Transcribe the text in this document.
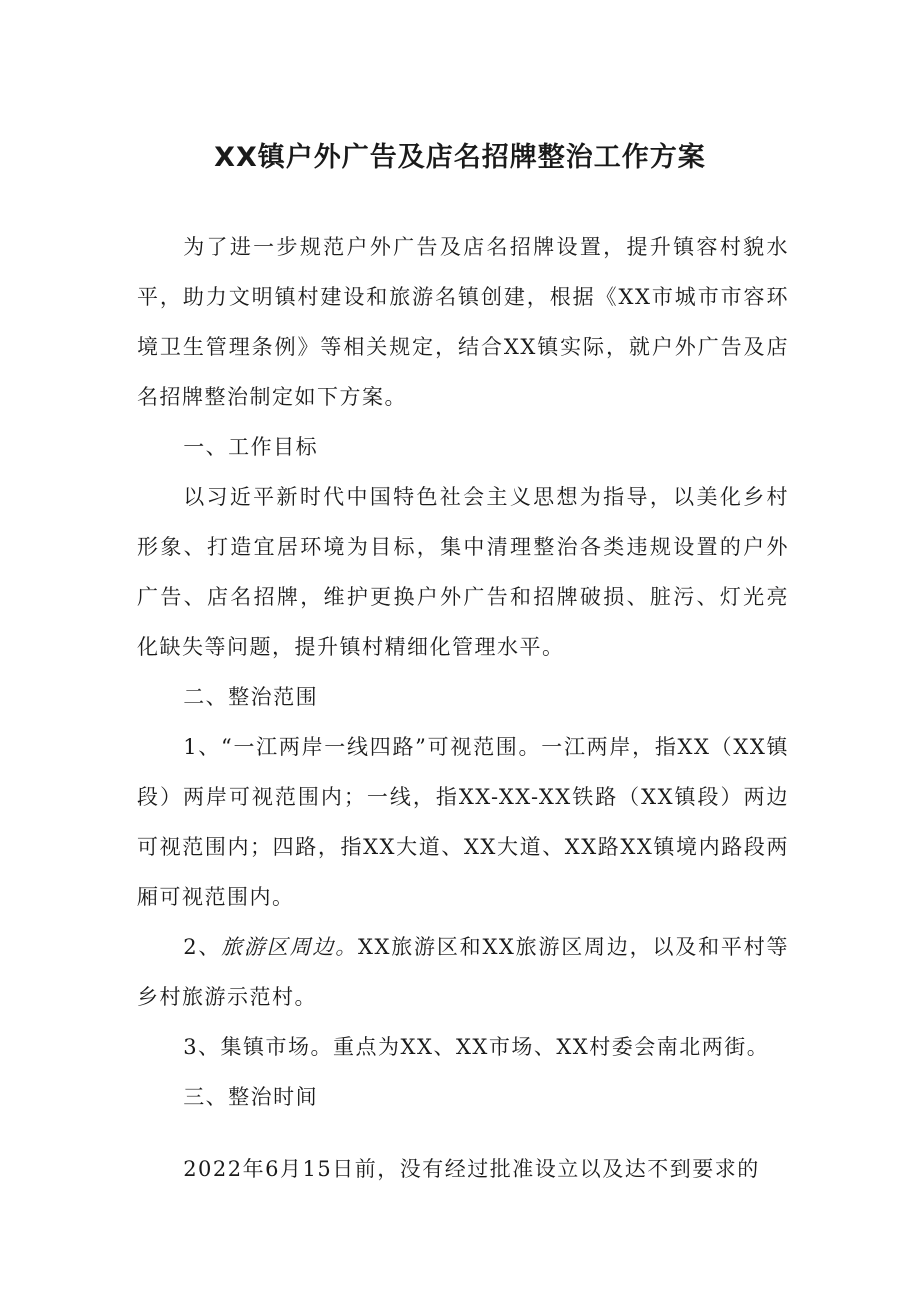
XX镇户外广告及店名招牌整治工作方案

为了进一步规范户外广告及店名招牌设置，提升镇容村貌水平，助力文明镇村建设和旅游名镇创建，根据《XX市城市市容环境卫生管理条例》等相关规定，结合XX镇实际，就户外广告及店名招牌整治制定如下方案。

一、工作目标

以习近平新时代中国特色社会主义思想为指导，以美化乡村形象、打造宜居环境为目标，集中清理整治各类违规设置的户外广告、店名招牌，维护更换户外广告和招牌破损、脏污、灯光亮化缺失等问题，提升镇村精细化管理水平。

二、整治范围

1、“一江两岸一线四路”可视范围。一江两岸，指XX（XX镇段）两岸可视范围内；一线，指XX-XX-XX铁路（XX镇段）两边可视范围内；四路，指XX大道、XX大道、XX路XX镇境内路段两厢可视范围内。

2、旅游区周边。XX旅游区和XX旅游区周边，以及和平村等乡村旅游示范村。

3、集镇市场。重点为XX、XX市场、XX村委会南北两街。

三、整治时间

2022年6月15日前，没有经过批准设立以及达不到要求的
